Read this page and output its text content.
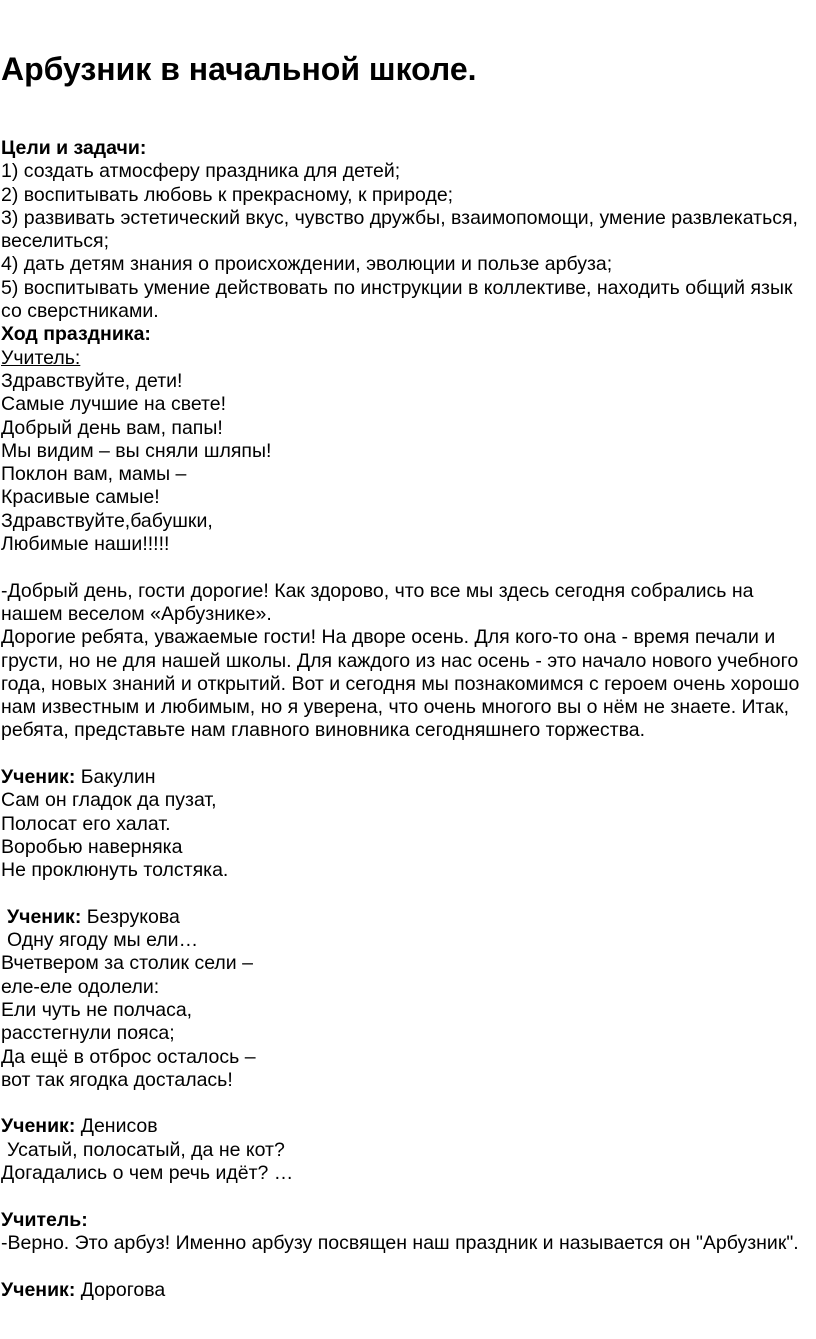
Арбузник в начальной школе.
Цели и задачи:
1) создать атмосферу праздника для детей;
2) воспитывать любовь к прекрасному, к природе;
3) развивать эстетический вкус, чувство дружбы, взаимопомощи, умение развлекаться, веселиться;
4) дать детям знания о происхождении, эволюции и пользе арбуза;
5) воспитывать умение действовать по инструкции в коллективе, находить общий язык со сверстниками.
Ход праздника:
Учитель:
Здравствуйте, дети!
Самые лучшие на свете!
Добрый день вам, папы!
Мы видим – вы сняли шляпы!
Поклон вам, мамы –
Красивые самые!
Здравствуйте,бабушки,
Любимые наши!!!!!
-Добрый день, гости дорогие! Как здорово, что все мы здесь сегодня собрались на нашем веселом «Арбузнике».
Дорогие ребята, уважаемые гости! На дворе осень. Для кого-то она - время печали и грусти, но не для нашей школы. Для каждого из нас осень - это начало нового учебного года, новых знаний и открытий. Вот и сегодня мы познакомимся с героем очень хорошо нам известным и любимым, но я уверена, что очень многого вы о нём не знаете. Итак, ребята, представьте нам главного виновника сегодняшнего торжества.
Ученик: Бакулин
Сам он гладок да пузат,
Полосат его халат.
Воробью наверняка
Не проклюнуть толстяка.
Ученик: Безрукова
Одну ягоду мы ели…
Вчетвером за столик сели –
еле-еле одолели:
Ели чуть не полчаса,
расстегнули пояса;
Да ещё в отброс осталось –
вот так ягодка досталась!
Ученик: Денисов
Усатый, полосатый, да не кот?
Догадались о чем речь идёт? …
Учитель:
-Верно. Это арбуз! Именно арбузу посвящен наш праздник и называется он "Арбузник".
Ученик: Дорогова
